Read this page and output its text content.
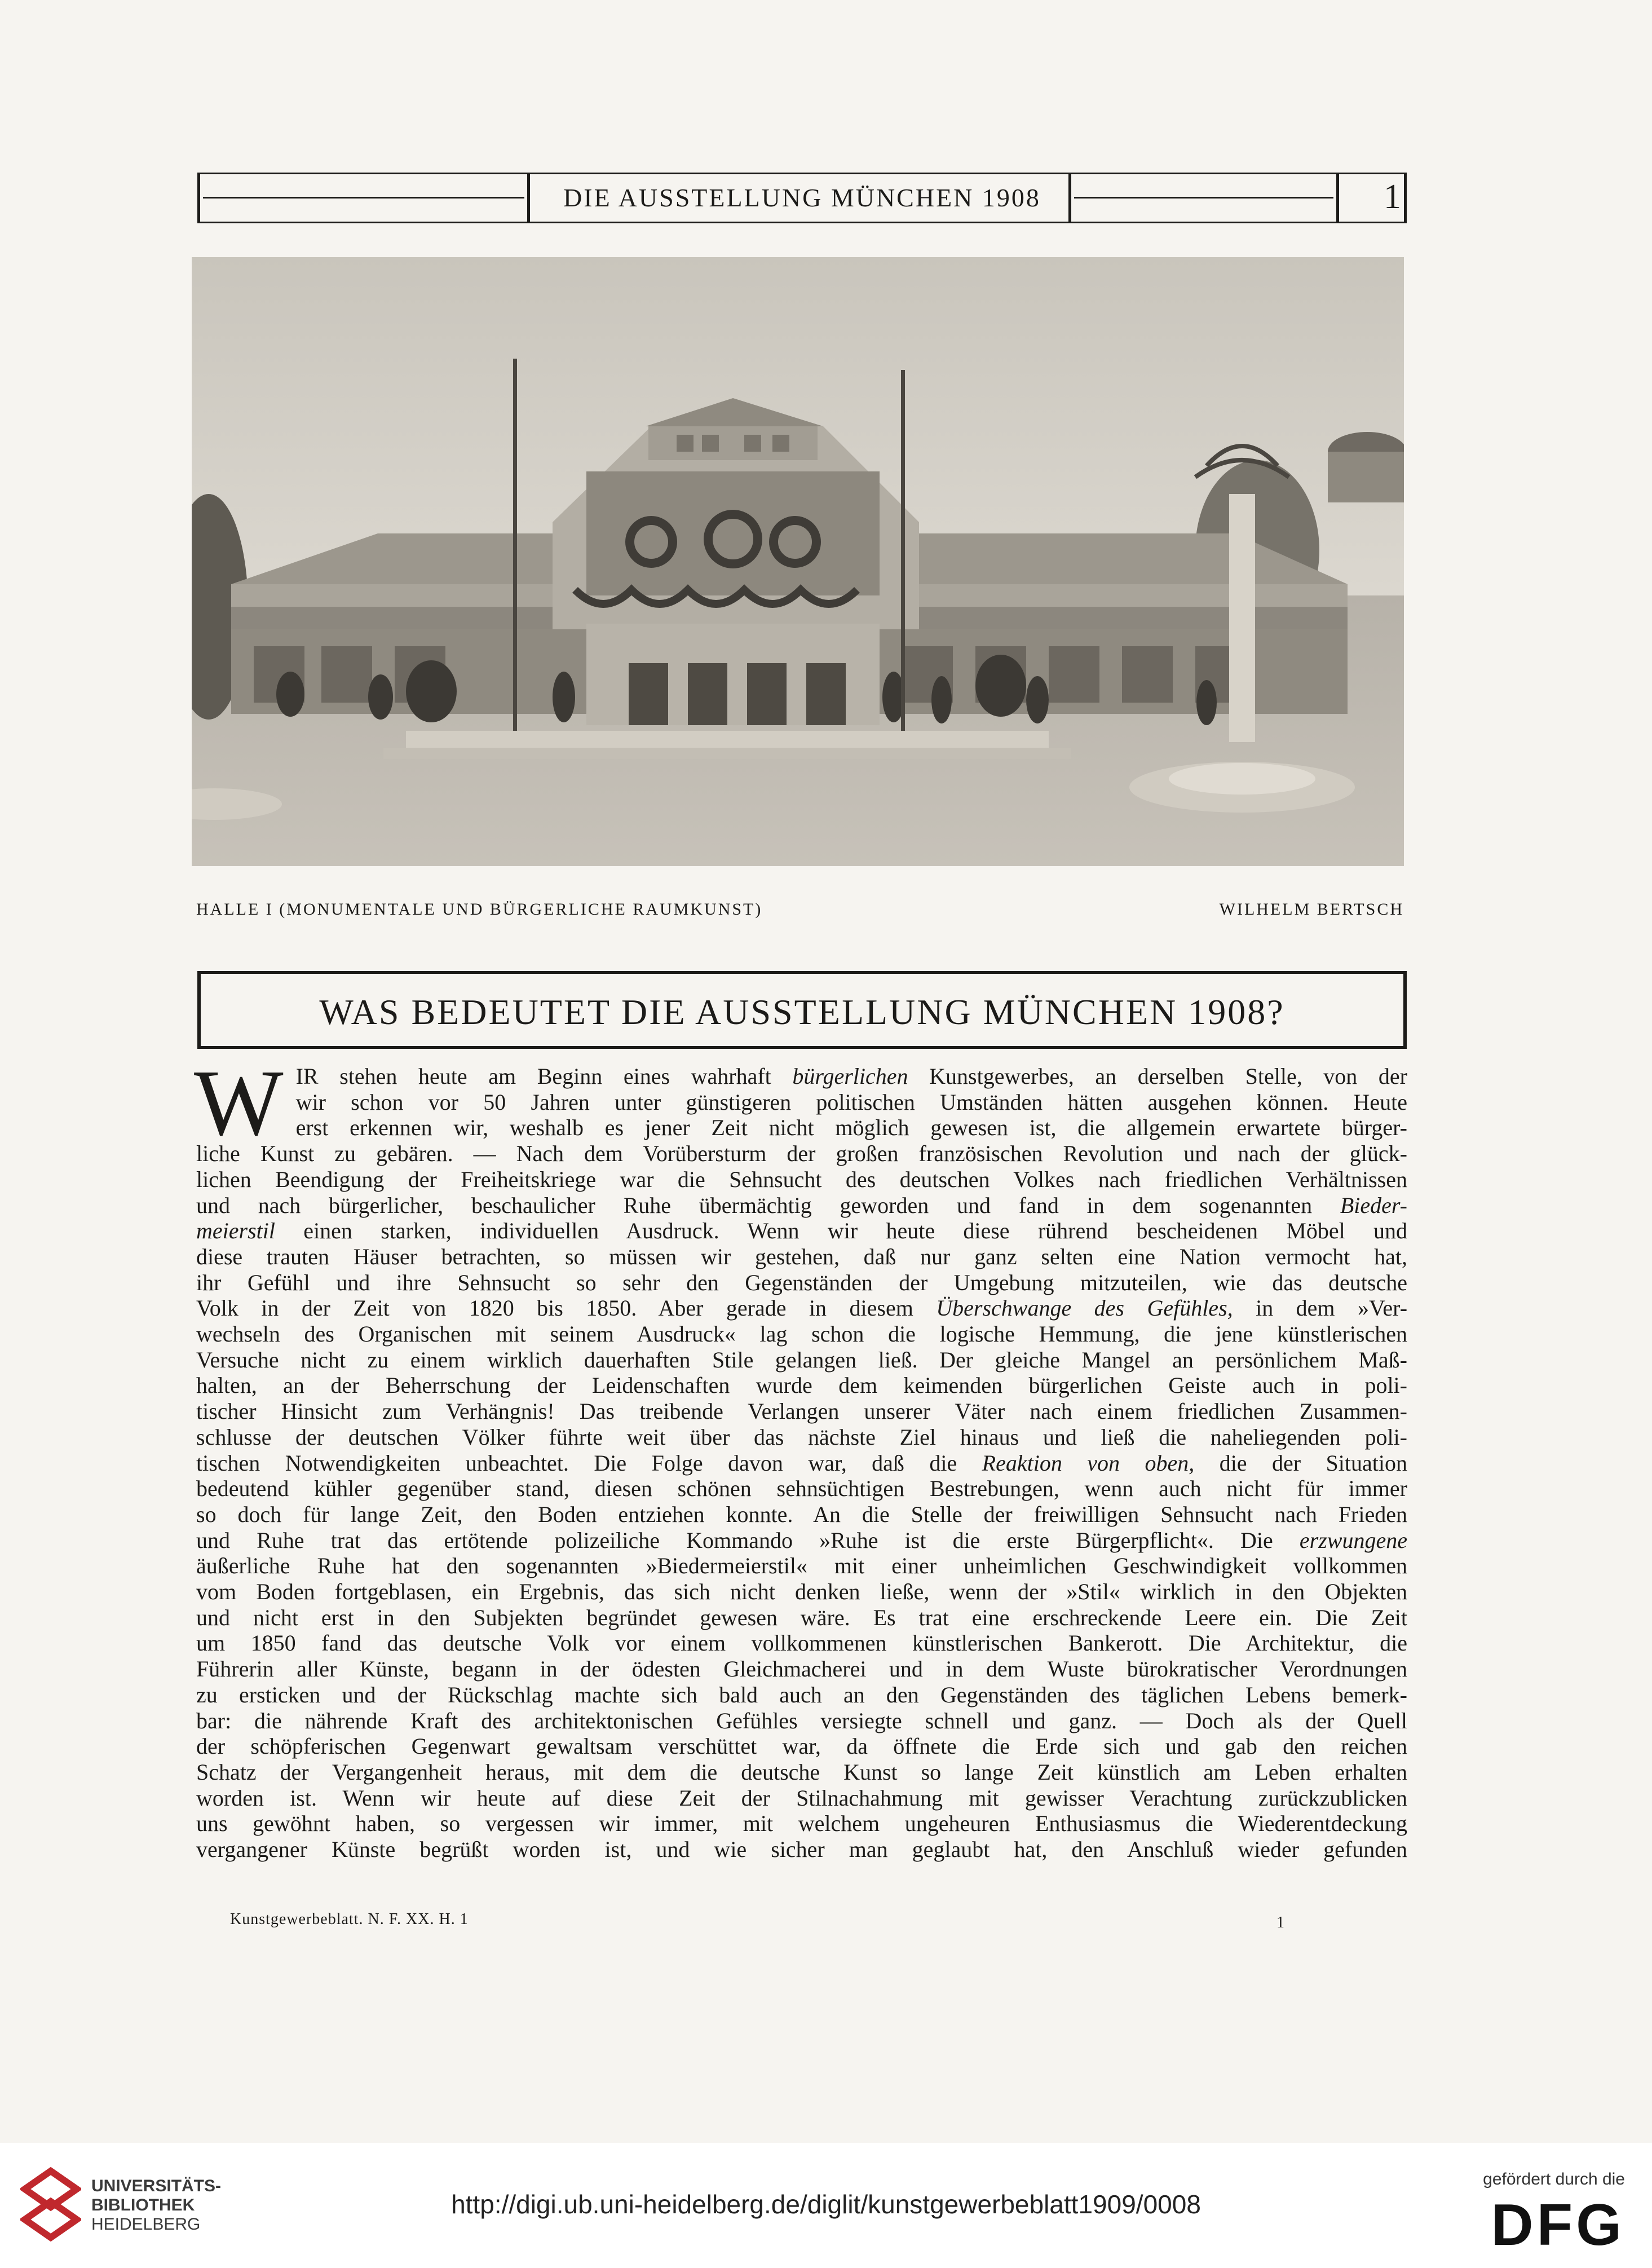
DIE AUSSTELLUNG MÜNCHEN 1908	1
HALLE I (MONUMENTALE UND BÜRGERLICHE RAUMKUNST)	WILHELM BERTSCH
WAS BEDEUTET DIE AUSSTELLUNG MÜNCHEN 1908?
W IR stehen heute am Beginn eines wahrhaft bürgerlichen Kunstgewerbes, an derselben Stelle, von der
wir schon vor 50 Jahren unter günstigeren politischen Umständen hätten ausgehen können. Heute
erst erkennen wir, weshalb es jener Zeit nicht möglich gewesen ist, die allgemein erwartete bürger-
liche Kunst zu gebären. — Nach dem Vorübersturm der großen französischen Revolution und nach der glück-
lichen Beendigung der Freiheitskriege war die Sehnsucht des deutschen Volkes nach friedlichen Verhältnissen
und nach bürgerlicher, beschaulicher Ruhe übermächtig geworden und fand in dem sogenannten Bieder-
meierstil einen starken, individuellen Ausdruck. Wenn wir heute diese rührend bescheidenen Möbel und
diese trauten Häuser betrachten, so müssen wir gestehen, daß nur ganz selten eine Nation vermocht hat,
ihr Gefühl und ihre Sehnsucht so sehr den Gegenständen der Umgebung mitzuteilen, wie das deutsche
Volk in der Zeit von 1820 bis 1850. Aber gerade in diesem Überschwange des Gefühles, in dem »Ver-
wechseln des Organischen mit seinem Ausdruck« lag schon die logische Hemmung, die jene künstlerischen
Versuche nicht zu einem wirklich dauerhaften Stile gelangen ließ. Der gleiche Mangel an persönlichem Maß-
halten, an der Beherrschung der Leidenschaften wurde dem keimenden bürgerlichen Geiste auch in poli-
tischer Hinsicht zum Verhängnis! Das treibende Verlangen unserer Väter nach einem friedlichen Zusammen-
schlusse der deutschen Völker führte weit über das nächste Ziel hinaus und ließ die naheliegenden poli-
tischen Notwendigkeiten unbeachtet. Die Folge davon war, daß die Reaktion von oben, die der Situation
bedeutend kühler gegenüber stand, diesen schönen sehnsüchtigen Bestrebungen, wenn auch nicht für immer
so doch für lange Zeit, den Boden entziehen konnte. An die Stelle der freiwilligen Sehnsucht nach Frieden
und Ruhe trat das ertötende polizeiliche Kommando »Ruhe ist die erste Bürgerpflicht«. Die erzwungene
äußerliche Ruhe hat den sogenannten »Biedermeierstil« mit einer unheimlichen Geschwindigkeit vollkommen
vom Boden fortgeblasen, ein Ergebnis, das sich nicht denken ließe, wenn der »Stil« wirklich in den Objekten
und nicht erst in den Subjekten begründet gewesen wäre. Es trat eine erschreckende Leere ein. Die Zeit
um 1850 fand das deutsche Volk vor einem vollkommenen künstlerischen Bankerott. Die Architektur, die
Führerin aller Künste, begann in der ödesten Gleichmacherei und in dem Wuste bürokratischer Verordnungen
zu ersticken und der Rückschlag machte sich bald auch an den Gegenständen des täglichen Lebens bemerk-
bar: die nährende Kraft des architektonischen Gefühles versiegte schnell und ganz. — Doch als der Quell
der schöpferischen Gegenwart gewaltsam verschüttet war, da öffnete die Erde sich und gab den reichen
Schatz der Vergangenheit heraus, mit dem die deutsche Kunst so lange Zeit künstlich am Leben erhalten
worden ist. Wenn wir heute auf diese Zeit der Stilnachahmung mit gewisser Verachtung zurückzublicken
uns gewöhnt haben, so vergessen wir immer, mit welchem ungeheuren Enthusiasmus die Wiederentdeckung
vergangener Künste begrüßt worden ist, und wie sicher man geglaubt hat, den Anschluß wieder gefunden
Kunstgewerbeblatt. N. F. XX. H. 1	1
UNIVERSITÄTS-
BIBLIOTHEK
HEIDELBERG
http://digi.ub.uni-heidelberg.de/diglit/kunstgewerbeblatt1909/0008
gefördert durch die
DFG
